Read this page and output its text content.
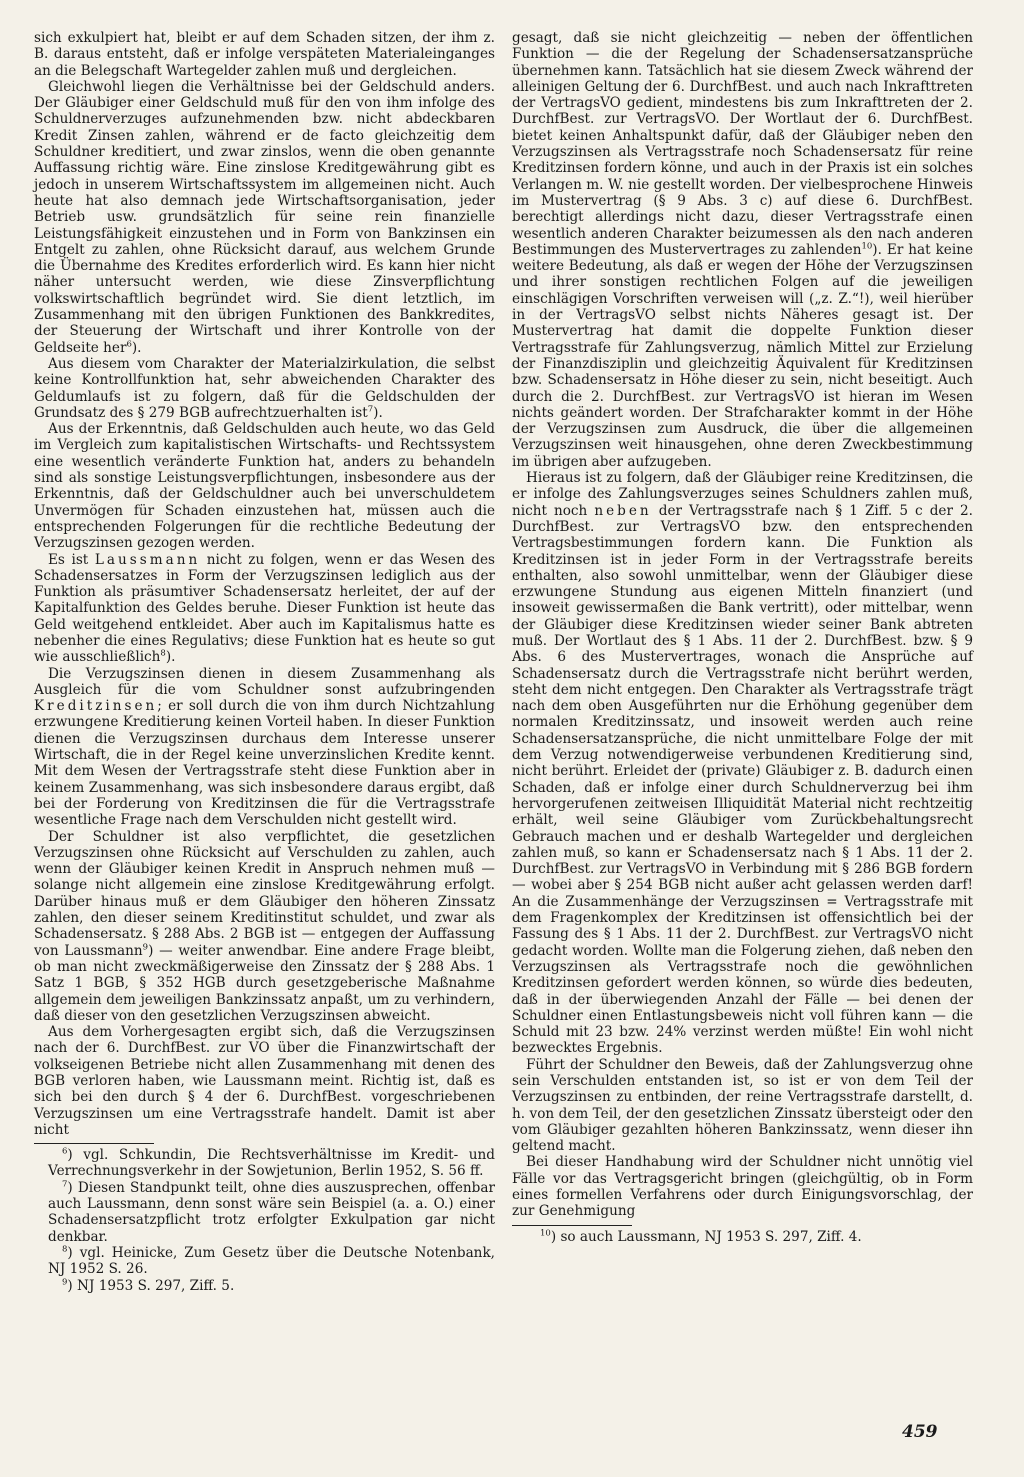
sich exkulpiert hat, bleibt er auf dem Schaden sitzen, der ihm z. B. daraus entsteht, daß er infolge verspäteten Materialeinganges an die Belegschaft Wartegelder zahlen muß und dergleichen.

Gleichwohl liegen die Verhältnisse bei der Geldschuld anders. Der Gläubiger einer Geldschuld muß für den von ihm infolge des Schuldnerverzuges aufzunehmenden bzw. nicht abdeckbaren Kredit Zinsen zahlen, während er de facto gleichzeitig dem Schuldner kreditiert, und zwar zinslos, wenn die oben genannte Auffassung richtig wäre. Eine zinslose Kreditgewährung gibt es jedoch in unserem Wirtschaftssystem im allgemeinen nicht. Auch heute hat also demnach jede Wirtschaftsorganisation, jeder Betrieb usw. grundsätzlich für seine rein finanzielle Leistungsfähigkeit einzustehen und in Form von Bankzinsen ein Entgelt zu zahlen, ohne Rücksicht darauf, aus welchem Grunde die Übernahme des Kredites erforderlich wird. Es kann hier nicht näher untersucht werden, wie diese Zinsverpflichtung volkswirtschaftlich begründet wird. Sie dient letztlich, im Zusammenhang mit den übrigen Funktionen des Bankkredites, der Steuerung der Wirtschaft und ihrer Kontrolle von der Geldseite her$^6$).

Aus diesem vom Charakter der Materialzirkulation, die selbst keine Kontrollfunktion hat, sehr abweichenden Charakter des Geldumlaufs ist zu folgern, daß für die Geldschulden der Grundsatz des § 279 BGB aufrechtzuerhalten ist$^7$).

Aus der Erkenntnis, daß Geldschulden auch heute, wo das Geld im Vergleich zum kapitalistischen Wirtschafts- und Rechtssystem eine wesentlich veränderte Funktion hat, anders zu behandeln sind als sonstige Leistungsverpflichtungen, insbesondere aus der Erkenntnis, daß der Geldschuldner auch bei unverschuldetem Unvermögen für Schaden einzustehen hat, müssen auch die entsprechenden Folgerungen für die rechtliche Bedeutung der Verzugszinsen gezogen werden.

Es ist Laussmann nicht zu folgen, wenn er das Wesen des Schadensersatzes in Form der Verzugszinsen lediglich aus der Funktion als präsumtiver Schadensersatz herleitet, der auf der Kapitalfunktion des Geldes beruhe. Dieser Funktion ist heute das Geld weitgehend entkleidet. Aber auch im Kapitalismus hatte es nebenher die eines Regulativs; diese Funktion hat es heute so gut wie ausschließlich$^8$).

Die Verzugszinsen dienen in diesem Zusammenhang als Ausgleich für die vom Schuldner sonst aufzubringenden Kreditzinsen; er soll durch die von ihm durch Nichtzahlung erzwungene Kreditierung keinen Vorteil haben. In dieser Funktion dienen die Verzugszinsen durchaus dem Interesse unserer Wirtschaft, die in der Regel keine unverzinslichen Kredite kennt. Mit dem Wesen der Vertragsstrafe steht diese Funktion aber in keinem Zusammenhang, was sich insbesondere daraus ergibt, daß bei der Forderung von Kreditzinsen die für die Vertragsstrafe wesentliche Frage nach dem Verschulden nicht gestellt wird.

Der Schuldner ist also verpflichtet, die gesetzlichen Verzugszinsen ohne Rücksicht auf Verschulden zu zahlen, auch wenn der Gläubiger keinen Kredit in Anspruch nehmen muß — solange nicht allgemein eine zinslose Kreditgewährung erfolgt. Darüber hinaus muß er dem Gläubiger den höheren Zinssatz zahlen, den dieser seinem Kreditinstitut schuldet, und zwar als Schadensersatz. § 288 Abs. 2 BGB ist — entgegen der Auffassung von Laussmann$^9$) — weiter anwendbar. Eine andere Frage bleibt, ob man nicht zweckmäßigerweise den Zinssatz der § 288 Abs. 1 Satz 1 BGB, § 352 HGB durch gesetzgeberische Maßnahme allgemein dem jeweiligen Bankzinssatz anpaßt, um zu verhindern, daß dieser von den gesetzlichen Verzugszinsen abweicht.

Aus dem Vorhergesagten ergibt sich, daß die Verzugszinsen nach der 6. DurchfBest. zur VO über die Finanzwirtschaft der volkseigenen Betriebe nicht allen Zusammenhang mit denen des BGB verloren haben, wie Laussmann meint. Richtig ist, daß es sich bei den durch § 4 der 6. DurchfBest. vorgeschriebenen Verzugszinsen um eine Vertragsstrafe handelt. Damit ist aber nicht

$^6$) vgl. Schkundin, Die Rechtsverhältnisse im Kredit- und Verrechnungsverkehr in der Sowjetunion, Berlin 1952, S. 56 ff.

$^7$) Diesen Standpunkt teilt, ohne dies auszusprechen, offenbar auch Laussmann, denn sonst wäre sein Beispiel (a. a. O.) einer Schadensersatzpflicht trotz erfolgter Exkulpation gar nicht denkbar.

$^8$) vgl. Heinicke, Zum Gesetz über die Deutsche Notenbank, NJ 1952 S. 26.

$^9$) NJ 1953 S. 297, Ziff. 5.

gesagt, daß sie nicht gleichzeitig — neben der öffentlichen Funktion — die der Regelung der Schadensersatzansprüche übernehmen kann. Tatsächlich hat sie diesem Zweck während der alleinigen Geltung der 6. DurchfBest. und auch nach Inkrafttreten der VertragsVO gedient, mindestens bis zum Inkrafttreten der 2. DurchfBest. zur VertragsVO. Der Wortlaut der 6. DurchfBest. bietet keinen Anhaltspunkt dafür, daß der Gläubiger neben den Verzugszinsen als Vertragsstrafe noch Schadensersatz für reine Kreditzinsen fordern könne, und auch in der Praxis ist ein solches Verlangen m. W. nie gestellt worden. Der vielbesprochene Hinweis im Mustervertrag (§ 9 Abs. 3 c) auf diese 6. DurchfBest. berechtigt allerdings nicht dazu, dieser Vertragsstrafe einen wesentlich anderen Charakter beizumessen als den nach anderen Bestimmungen des Mustervertrages zu zahlenden$^{10}$). Er hat keine weitere Bedeutung, als daß er wegen der Höhe der Verzugszinsen und ihrer sonstigen rechtlichen Folgen auf die jeweiligen einschlägigen Vorschriften verweisen will („z. Z.“!), weil hierüber in der VertragsVO selbst nichts Näheres gesagt ist. Der Mustervertrag hat damit die doppelte Funktion dieser Vertragsstrafe für Zahlungsverzug, nämlich Mittel zur Erzielung der Finanzdisziplin und gleichzeitig Äquivalent für Kreditzinsen bzw. Schadensersatz in Höhe dieser zu sein, nicht beseitigt. Auch durch die 2. DurchfBest. zur VertragsVO ist hieran im Wesen nichts geändert worden. Der Strafcharakter kommt in der Höhe der Verzugszinsen zum Ausdruck, die über die allgemeinen Verzugszinsen weit hinausgehen, ohne deren Zweckbestimmung im übrigen aber aufzugeben.

Hieraus ist zu folgern, daß der Gläubiger reine Kreditzinsen, die er infolge des Zahlungsverzuges seines Schuldners zahlen muß, nicht noch neben der Vertragsstrafe nach § 1 Ziff. 5 c der 2. DurchfBest. zur VertragsVO bzw. den entsprechenden Vertragsbestimmungen fordern kann. Die Funktion als Kreditzinsen ist in jeder Form in der Vertragsstrafe bereits enthalten, also sowohl unmittelbar, wenn der Gläubiger diese erzwungene Stundung aus eigenen Mitteln finanziert (und insoweit gewissermaßen die Bank vertritt), oder mittelbar, wenn der Gläubiger diese Kreditzinsen wieder seiner Bank abtreten muß. Der Wortlaut des § 1 Abs. 11 der 2. DurchfBest. bzw. § 9 Abs. 6 des Mustervertrages, wonach die Ansprüche auf Schadensersatz durch die Vertragsstrafe nicht berührt werden, steht dem nicht entgegen. Den Charakter als Vertragsstrafe trägt nach dem oben Ausgeführten nur die Erhöhung gegenüber dem normalen Kreditzinssatz, und insoweit werden auch reine Schadensersatzansprüche, die nicht unmittelbare Folge der mit dem Verzug notwendigerweise verbundenen Kreditierung sind, nicht berührt. Erleidet der (private) Gläubiger z. B. dadurch einen Schaden, daß er infolge einer durch Schuldnerverzug bei ihm hervorgerufenen zeitweisen Illiquidität Material nicht rechtzeitig erhält, weil seine Gläubiger vom Zurückbehaltungsrecht Gebrauch machen und er deshalb Wartegelder und dergleichen zahlen muß, so kann er Schadensersatz nach § 1 Abs. 11 der 2. DurchfBest. zur VertragsVO in Verbindung mit § 286 BGB fordern — wobei aber § 254 BGB nicht außer acht gelassen werden darf! An die Zusammenhänge der Verzugszinsen = Vertragsstrafe mit dem Fragenkomplex der Kreditzinsen ist offensichtlich bei der Fassung des § 1 Abs. 11 der 2. DurchfBest. zur VertragsVO nicht gedacht worden. Wollte man die Folgerung ziehen, daß neben den Verzugszinsen als Vertragsstrafe noch die gewöhnlichen Kreditzinsen gefordert werden können, so würde dies bedeuten, daß in der überwiegenden Anzahl der Fälle — bei denen der Schuldner einen Entlastungsbeweis nicht voll führen kann — die Schuld mit 23 bzw. 24% verzinst werden müßte! Ein wohl nicht bezwecktes Ergebnis.

Führt der Schuldner den Beweis, daß der Zahlungsverzug ohne sein Verschulden entstanden ist, so ist er von dem Teil der Verzugszinsen zu entbinden, der reine Vertragsstrafe darstellt, d. h. von dem Teil, der den gesetzlichen Zinssatz übersteigt oder den vom Gläubiger gezahlten höheren Bankzinssatz, wenn dieser ihn geltend macht.

Bei dieser Handhabung wird der Schuldner nicht unnötig viel Fälle vor das Vertragsgericht bringen (gleichgültig, ob in Form eines formellen Verfahrens oder durch Einigungsvorschlag, der zur Genehmigung

$^{10}$) so auch Laussmann, NJ 1953 S. 297, Ziff. 4.

459
